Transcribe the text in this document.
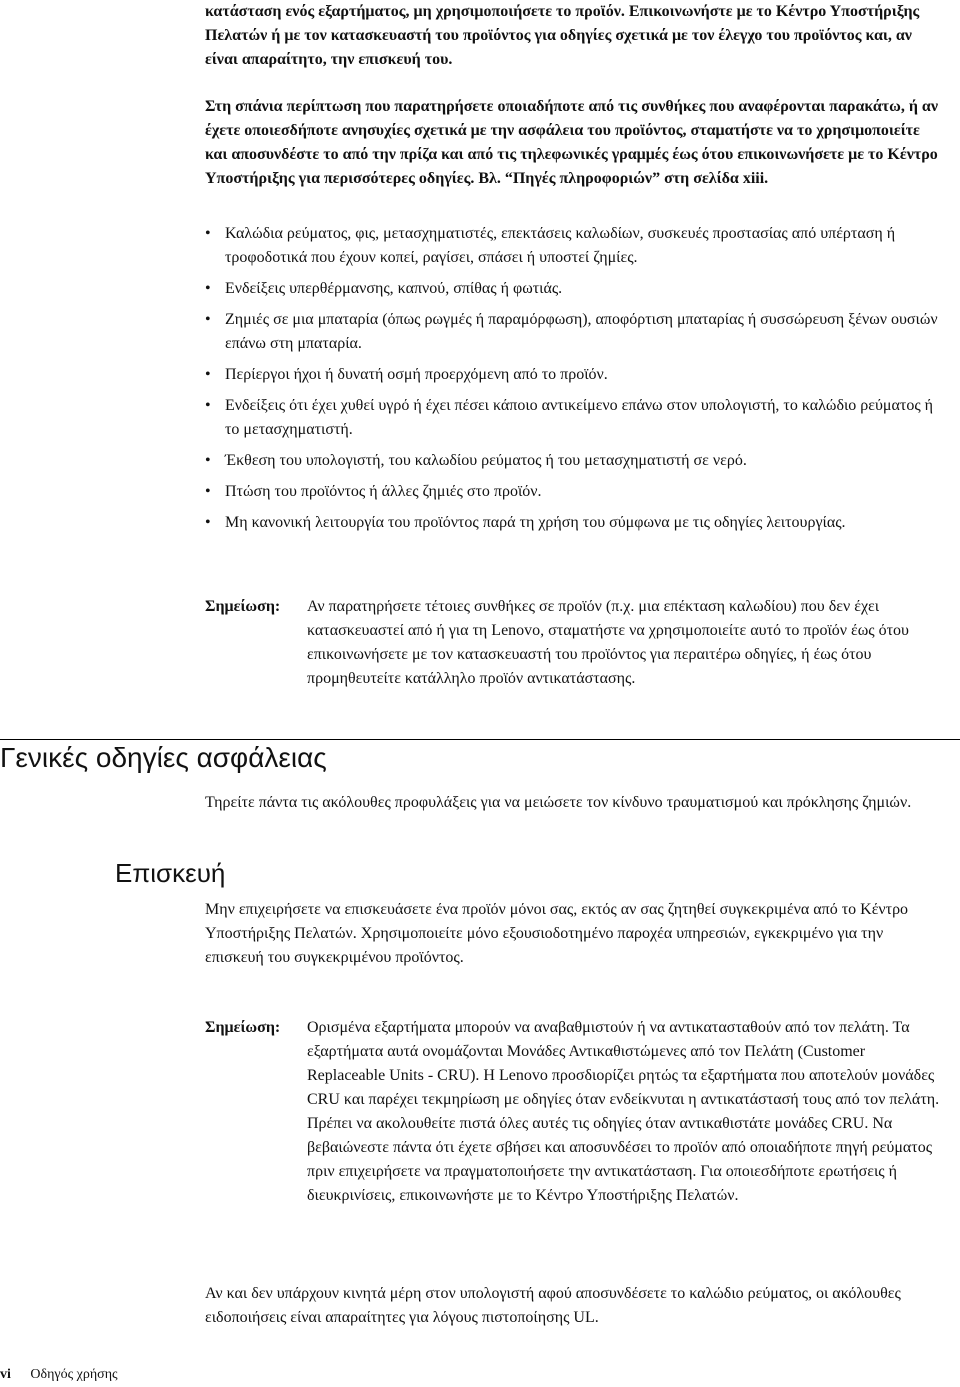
κατάσταση ενός εξαρτήματος, μη χρησιμοποιήσετε το προϊόν. Επικοινωνήστε με το Κέντρο Υποστήριξης Πελατών ή με τον κατασκευαστή του προϊόντος για οδηγίες σχετικά με τον έλεγχο του προϊόντος και, αν είναι απαραίτητο, την επισκευή του.

Στη σπάνια περίπτωση που παρατηρήσετε οποιαδήποτε από τις συνθήκες που αναφέρονται παρακάτω, ή αν έχετε οποιεσδήποτε ανησυχίες σχετικά με την ασφάλεια του προϊόντος, σταματήστε να το χρησιμοποιείτε και αποσυνδέστε το από την πρίζα και από τις τηλεφωνικές γραμμές έως ότου επικοινωνήσετε με το Κέντρο Υποστήριξης για περισσότερες οδηγίες. Βλ. “Πηγές πληροφοριών” στη σελίδα xiii.

• Καλώδια ρεύματος, φις, μετασχηματιστές, επεκτάσεις καλωδίων, συσκευές προστασίας από υπέρταση ή τροφοδοτικά που έχουν κοπεί, ραγίσει, σπάσει ή υποστεί ζημίες.
• Ενδείξεις υπερθέρμανσης, καπνού, σπίθας ή φωτιάς.
• Ζημιές σε μια μπαταρία (όπως ρωγμές ή παραμόρφωση), αποφόρτιση μπαταρίας ή συσσώρευση ξένων ουσιών επάνω στη μπαταρία.
• Περίεργοι ήχοι ή δυνατή οσμή προερχόμενη από το προϊόν.
• Ενδείξεις ότι έχει χυθεί υγρό ή έχει πέσει κάποιο αντικείμενο επάνω στον υπολογιστή, το καλώδιο ρεύματος ή το μετασχηματιστή.
• Έκθεση του υπολογιστή, του καλωδίου ρεύματος ή του μετασχηματιστή σε νερό.
• Πτώση του προϊόντος ή άλλες ζημιές στο προϊόν.
• Μη κανονική λειτουργία του προϊόντος παρά τη χρήση του σύμφωνα με τις οδηγίες λειτουργίας.
Σημείωση:	Αν παρατηρήσετε τέτοιες συνθήκες σε προϊόν (π.χ. μια επέκταση καλωδίου) που δεν έχει κατασκευαστεί από ή για τη Lenovo, σταματήστε να χρησιμοποιείτε αυτό το προϊόν έως ότου επικοινωνήσετε με τον κατασκευαστή του προϊόντος για περαιτέρω οδηγίες, ή έως ότου προμηθευτείτε κατάλληλο προϊόν αντικατάστασης.
Γενικές οδηγίες ασφάλειας

Τηρείτε πάντα τις ακόλουθες προφυλάξεις για να μειώσετε τον κίνδυνο τραυματισμού και πρόκλησης ζημιών.

Επισκευή

Μην επιχειρήσετε να επισκευάσετε ένα προϊόν μόνοι σας, εκτός αν σας ζητηθεί συγκεκριμένα από το Κέντρο Υποστήριξης Πελατών. Χρησιμοποιείτε μόνο εξουσιοδοτημένο παροχέα υπηρεσιών, εγκεκριμένο για την επισκευή του συγκεκριμένου προϊόντος.

Σημείωση:	Ορισμένα εξαρτήματα μπορούν να αναβαθμιστούν ή να αντικατασταθούν από τον πελάτη. Τα εξαρτήματα αυτά ονομάζονται Μονάδες Αντικαθιστώμενες από τον Πελάτη (Customer Replaceable Units - CRU). Η Lenovo προσδιορίζει ρητώς τα εξαρτήματα που αποτελούν μονάδες CRU και παρέχει τεκμηρίωση με οδηγίες όταν ενδείκνυται η αντικατάστασή τους από τον πελάτη. Πρέπει να ακολουθείτε πιστά όλες αυτές τις οδηγίες όταν αντικαθιστάτε μονάδες CRU. Να βεβαιώνεστε πάντα ότι έχετε σβήσει και αποσυνδέσει το προϊόν από οποιαδήποτε πηγή ρεύματος πριν επιχειρήσετε να πραγματοποιήσετε την αντικατάσταση. Για οποιεσδήποτε ερωτήσεις ή διευκρινίσεις, επικοινωνήστε με το Κέντρο Υποστήριξης Πελατών.

Αν και δεν υπάρχουν κινητά μέρη στον υπολογιστή αφού αποσυνδέσετε το καλώδιο ρεύματος, οι ακόλουθες ειδοποιήσεις είναι απαραίτητες για λόγους πιστοποίησης UL.

vi Οδηγός χρήσης
